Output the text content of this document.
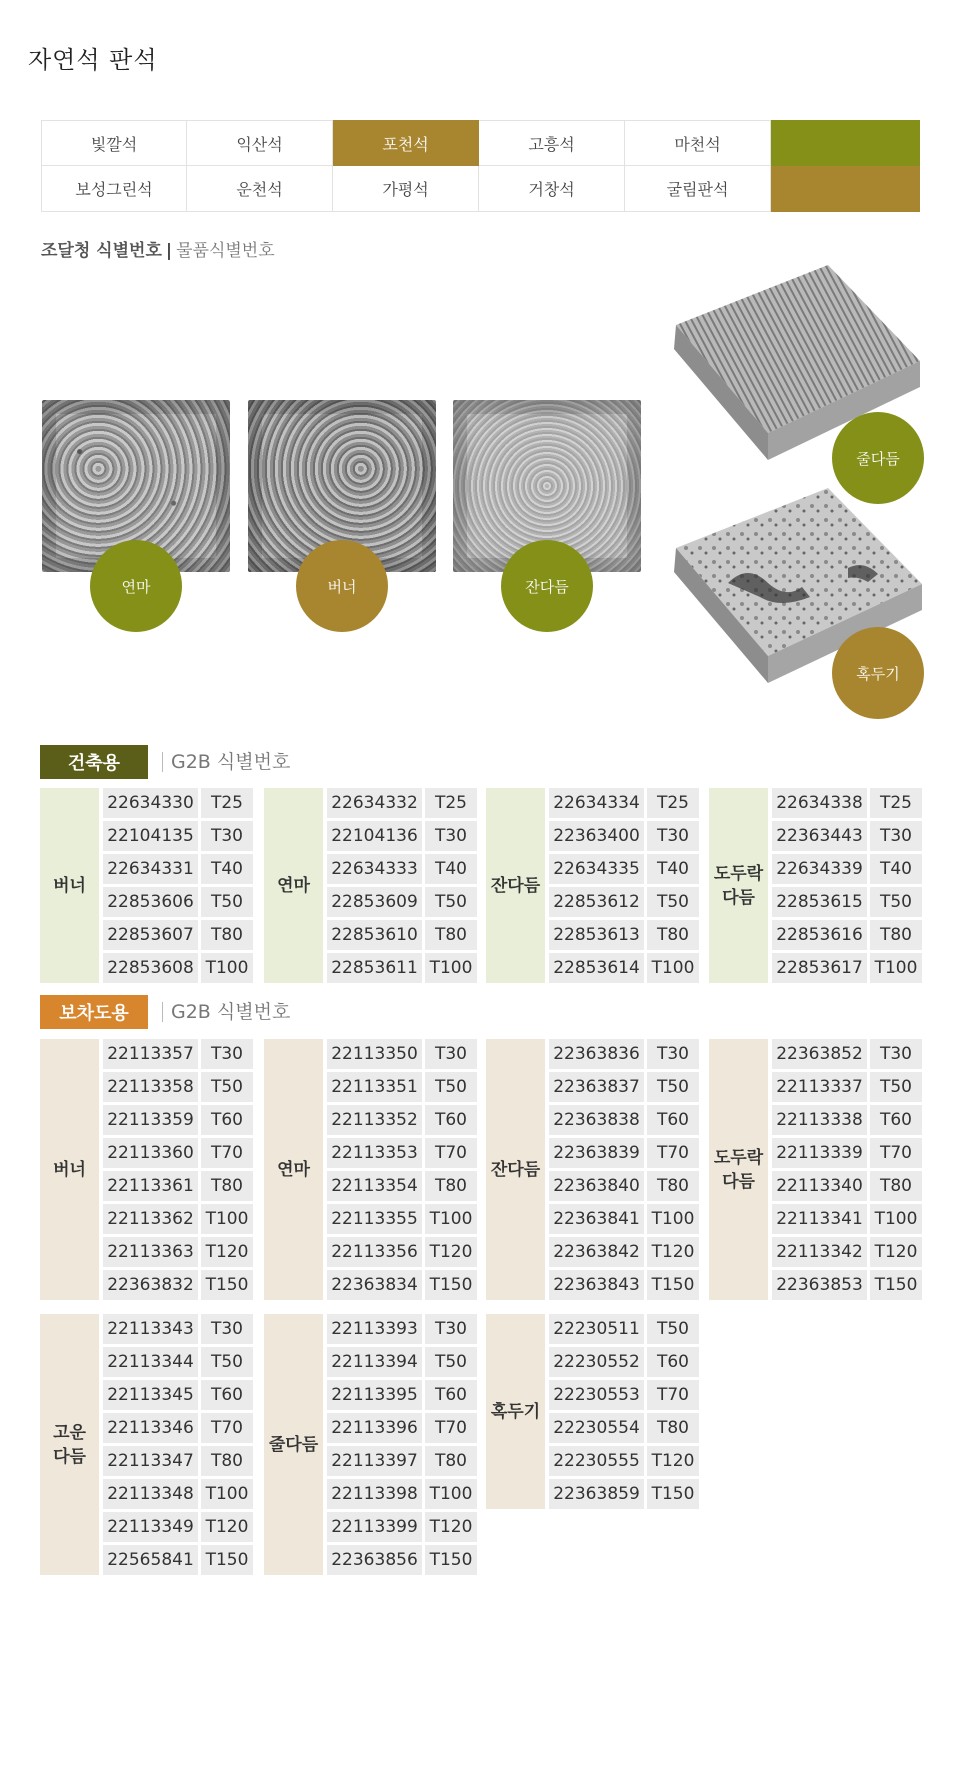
자연석 판석
빛깔석	익산석	포천석	고흥석	마천석
보성그린석	운천석	가평석	거창석	굴림판석
조달청 식별번호 | 물품식별번호
연마	버너	잔다듬
줄다듬
혹두기
건축용	G2B 식별번호
보차도용	G2B 식별번호
버너
22634330	T25
22104135	T30
22634331	T40
22853606	T50
22853607	T80
22853608 T100
연마
22634332	T25
22104136	T30
22634333	T40
22853609	T50
22853610	T80
22853611 T100
잔다듬
22634334	T25
22363400	T30
22634335	T40
22853612	T50
22853613	T80
22853614 T100
도두락
다듬
22634338	T25
22363443	T30
22634339	T40
22853615	T50
22853616	T80
22853617 T100
버너
22113357	T30
22113358	T50
22113359	T60
22113360	T70
22113361	T80
22113362 T100
22113363 T120
22363832 T150
연마
22113350	T30
22113351	T50
22113352	T60
22113353	T70
22113354	T80
22113355 T100
22113356 T120
22363834 T150
잔다듬
22363836	T30
22363837	T50
22363838	T60
22363839	T70
22363840	T80
22363841 T100
22363842 T120
22363843 T150
도두락
다듬
22363852	T30
22113337	T50
22113338	T60
22113339	T70
22113340	T80
22113341 T100
22113342 T120
22363853 T150
고운
다듬
22113343	T30
22113344	T50
22113345	T60
22113346	T70
22113347	T80
22113348 T100
22113349 T120
22565841 T150
줄다듬
22113393	T30
22113394	T50
22113395	T60
22113396	T70
22113397	T80
22113398 T100
22113399 T120
22363856 T150
혹두기
22230511	T50
22230552	T60
22230553	T70
22230554	T80
22230555 T120
22363859 T150
